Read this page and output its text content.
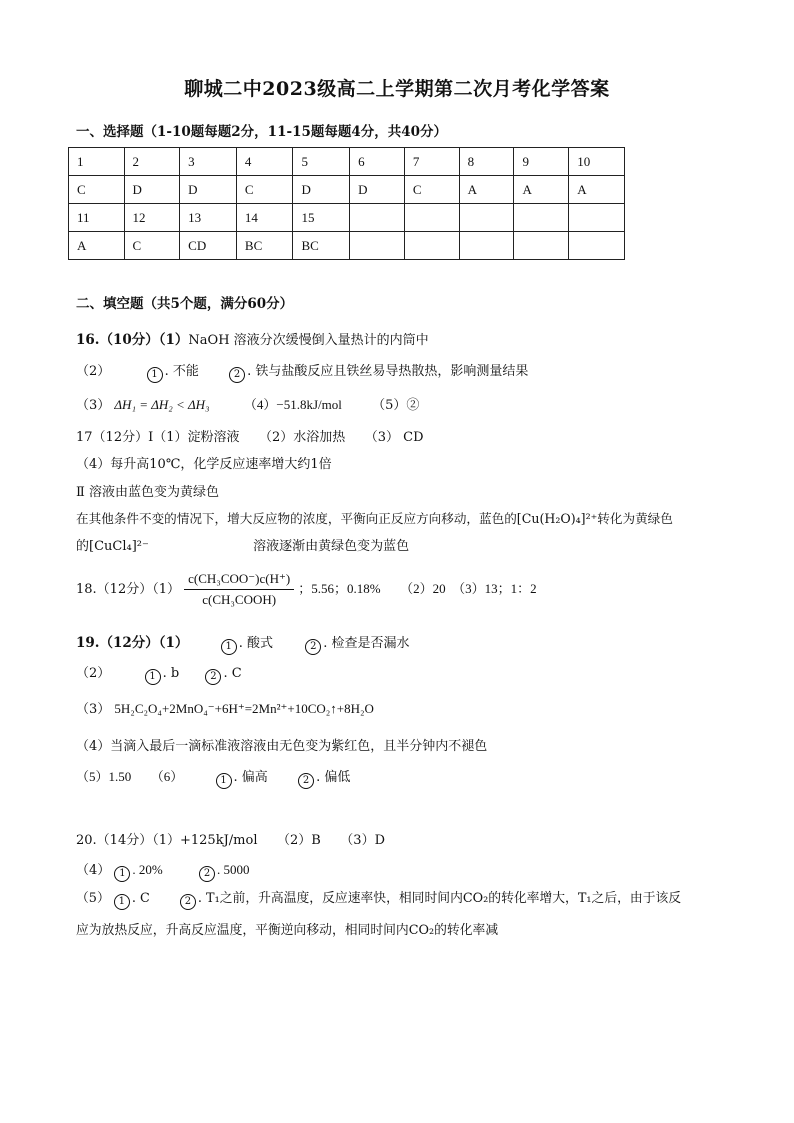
聊城二中2023级高二上学期第二次月考化学答案
一、选择题（1-10题每题2分，11-15题每题4分，共40分）
1	2	3	4	5	6	7	8	9	10
C	D	D	C	D	D	C	A	A	A
11	12	13	14	15					
A	C	CD	BC	BC					
二、填空题（共5个题，满分60分）
16.（10分）（1）NaOH 溶液分次缓慢倒入量热计的内筒中
（2）	1 . 不能	2 . 铁与盐酸反应且铁丝易导热散热，影响测量结果
（3） ΔH₁ = ΔH₂ < ΔH₃	（4）−51.8kJ/mol （5）②
17（12分）Ⅰ（1）淀粉溶液　　（2）水浴加热　　（3） CD
（4）每升高10℃，化学反应速率增大约1倍
Ⅱ 溶液由蓝色变为黄绿色
在其他条件不变的情况下，增大反应物的浓度，平衡向正反应方向移动，蓝色的[Cu(H₂O)₄]²⁺转化为黄绿色
的[CuCl₄]²⁻	溶液逐渐由黄绿色变为蓝色
18.（12分）$(1) \frac{\text{c(CH₃COO⁻)c(H⁺)}}{\text{c(CH₃COOH)}}$ ；5.56；0.18%　　（2）20　（3）13；1：2
19.（12分）（1）	1 . 酸式	2 . 检查是否漏水
（2）	1 . b	2 . C
（3） 5H₂C₂O₄+2MnO₄⁻+6H⁺=2Mn²⁺+10CO₂↑+8H₂O
（4）当滴入最后一滴标准液溶液由无色变为紫红色，且半分钟内不褪色
（5）1.50　　（6）	1 . 偏高	2 . 偏低
20.（14分）（1）+125kJ/mol　　（2）B　　（3）D
（4） 1 . 20%	2 . 5000
（5） 1 . C	2 . T₁之前，升高温度，反应速率快，相同时间内CO₂的转化率增大，T₁之后，由于该反
应为放热反应，升高反应温度，平衡逆向移动，相同时间内CO₂的转化率减
